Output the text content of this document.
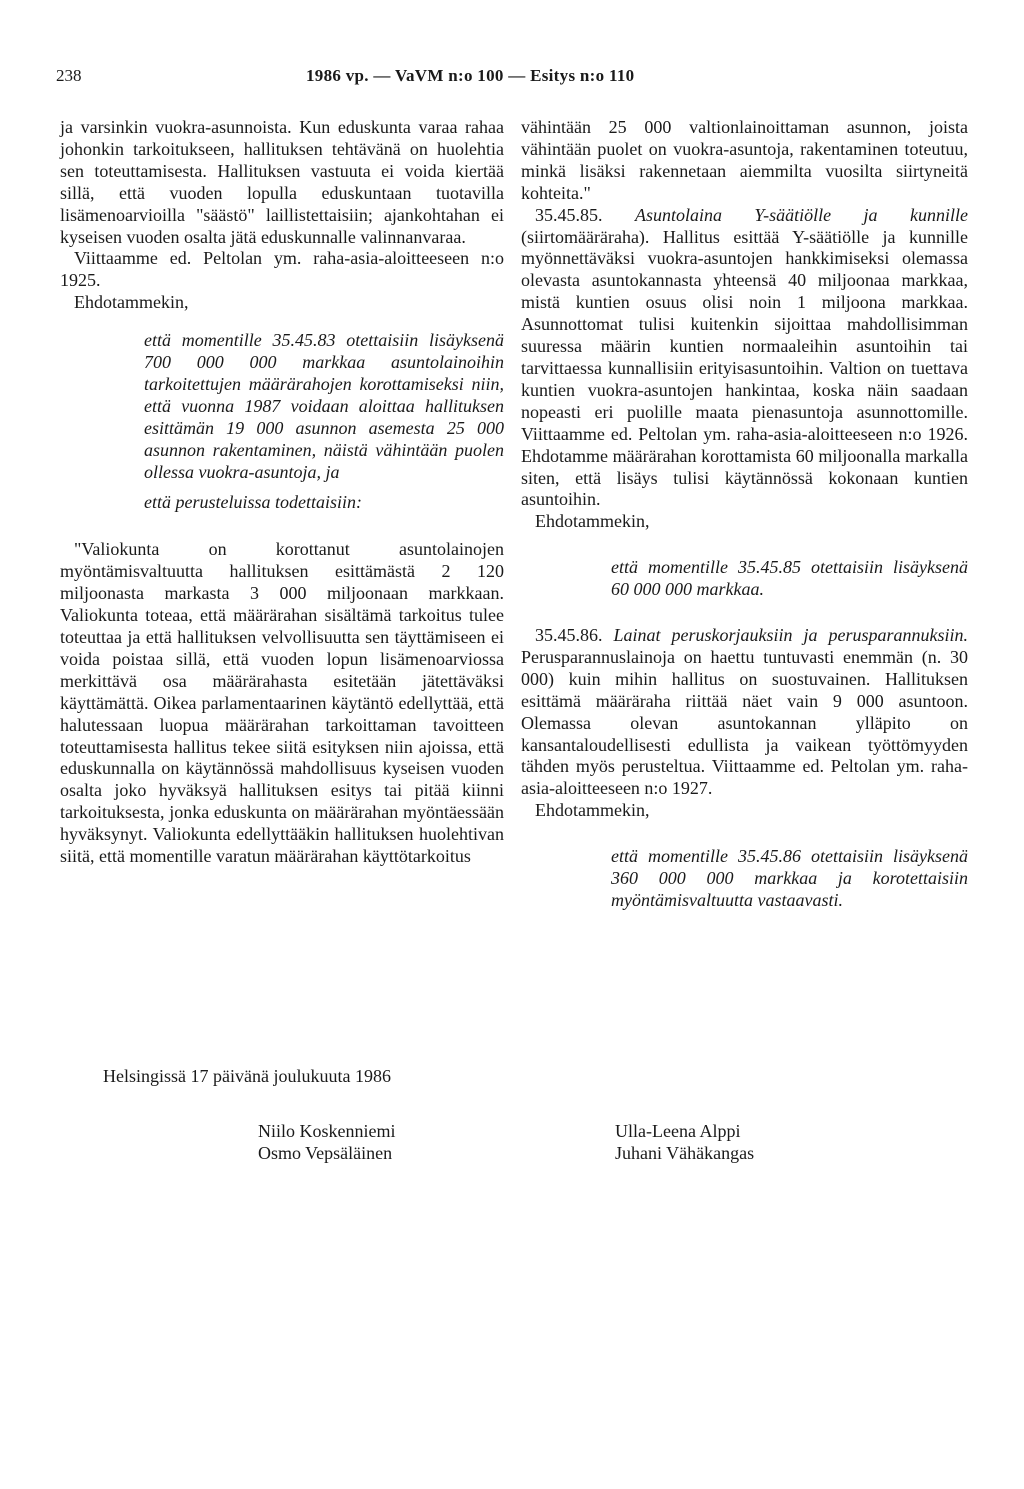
238	1986 vp. — VaVM n:o 100 — Esitys n:o 110

ja varsinkin vuokra-asunnoista. Kun eduskunta varaa rahaa johonkin tarkoitukseen, hallituksen tehtävänä on huolehtia sen toteuttamisesta. Hallituksen vastuuta ei voida kiertää sillä, että vuoden lopulla eduskuntaan tuotavilla lisämenoarvioilla "säästö" laillistettaisiin; ajankohtahan ei kyseisen vuoden osalta jätä eduskunnalle valinnanvaraa.

Viittaamme ed. Peltolan ym. raha-asia-aloitteeseen n:o 1925.

Ehdotammekin,

että momentille 35.45.83 otettaisiin lisäyksenä 700 000 000 markkaa asuntolainoihin tarkoitettujen määrärahojen korottamiseksi niin, että vuonna 1987 voidaan aloittaa hallituksen esittämän 19 000 asunnon asemesta 25 000 asunnon rakentaminen, näistä vähintään puolen ollessa vuokra-asuntoja, ja

että perusteluissa todettaisiin:

"Valiokunta on korottanut asuntolainojen myöntämisvaltuutta hallituksen esittämästä 2 120 miljoonasta markasta 3 000 miljoonaan markkaan. Valiokunta toteaa, että määrärahan sisältämä tarkoitus tulee toteuttaa ja että hallituksen velvollisuutta sen täyttämiseen ei voida poistaa sillä, että vuoden lopun lisämenoarviossa merkittävä osa määrärahasta esitetään jätettäväksi käyttämättä. Oikea parlamentaarinen käytäntö edellyttää, että halutessaan luopua määrärahan tarkoittaman tavoitteen toteuttamisesta hallitus tekee siitä esityksen niin ajoissa, että eduskunnalla on käytännössä mahdollisuus kyseisen vuoden osalta joko hyväksyä hallituksen esitys tai pitää kiinni tarkoituksesta, jonka eduskunta on määrärahan myöntäessään hyväksynyt. Valiokunta edellyttääkin hallituksen huolehtivan siitä, että momentille varatun määrärahan käyttötarkoitus

vähintään 25 000 valtionlainoittaman asunnon, joista vähintään puolet on vuokra-asuntoja, rakentaminen toteutuu, minkä lisäksi rakennetaan aiemmilta vuosilta siirtyneitä kohteita."

35.45.85. Asuntolaina Y-säätiölle ja kunnille (siirtomääräraha). Hallitus esittää Y-säätiölle ja kunnille myönnettäväksi vuokra-asuntojen hankkimiseksi olemassa olevasta asuntokannasta yhteensä 40 miljoonaa markkaa, mistä kuntien osuus olisi noin 1 miljoona markkaa. Asunnottomat tulisi kuitenkin sijoittaa mahdollisimman suuressa määrin kuntien normaaleihin asuntoihin tai tarvittaessa kunnallisiin erityisasuntoihin. Valtion on tuettava kuntien vuokra-asuntojen hankintaa, koska näin saadaan nopeasti eri puolille maata pienasuntoja asunnottomille. Viittaamme ed. Peltolan ym. raha-asia-aloitteeseen n:o 1926. Ehdotamme määrärahan korottamista 60 miljoonalla markalla siten, että lisäys tulisi käytännössä kokonaan kuntien asuntoihin.

Ehdotammekin,

että momentille 35.45.85 otettaisiin lisäyksenä 60 000 000 markkaa.

35.45.86. Lainat peruskorjauksiin ja perusparannuksiin. Perusparannuslainoja on haettu tuntuvasti enemmän (n. 30 000) kuin mihin hallitus on suostuvainen. Hallituksen esittämä määräraha riittää näet vain 9 000 asuntoon. Olemassa olevan asuntokannan ylläpito on kansantaloudellisesti edullista ja vaikean työttömyyden tähden myös perusteltua. Viittaamme ed. Peltolan ym. raha-asia-aloitteeseen n:o 1927.

Ehdotammekin,

että momentille 35.45.86 otettaisiin lisäyksenä 360 000 000 markkaa ja korotettaisiin myöntämisvaltuutta vastaavasti.

Helsingissä 17 päivänä joulukuuta 1986
Niilo Koskenniemi
Osmo Vepsäläinen
Ulla-Leena Alppi
Juhani Vähäkangas
